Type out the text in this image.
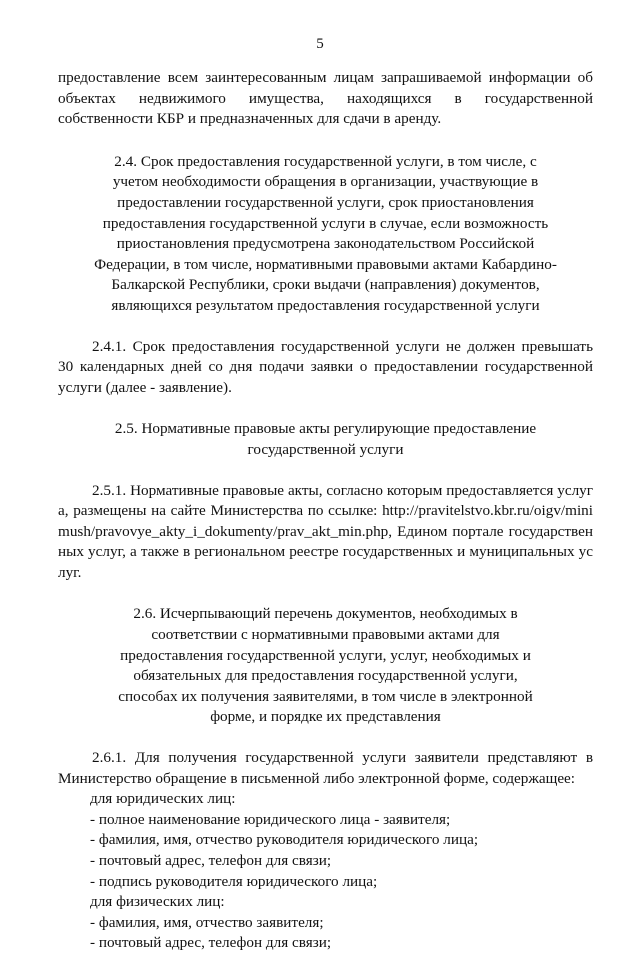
5

предоставление всем заинтересованным лицам запрашиваемой информации об объектах недвижимого имущества, находящихся в государственной собственности КБР и предназначенных для сдачи в аренду.

2.4. Срок предоставления государственной услуги, в том числе, с учетом необходимости обращения в организации, участвующие в предоставлении государственной услуги, срок приостановления предоставления государственной услуги в случае, если возможность приостановления предусмотрена законодательством Российской Федерации, в том числе, нормативными правовыми актами Кабардино-Балкарской Республики, сроки выдачи (направления) документов, являющихся результатом предоставления государственной услуги

2.4.1. Срок предоставления государственной услуги не должен превышать 30 календарных дней со дня подачи заявки о предоставлении государственной услуги (далее - заявление).

2.5. Нормативные правовые акты регулирующие предоставление государственной услуги

2.5.1. Нормативные правовые акты, согласно которым предоставляется услуга, размещены на сайте Министерства по ссылке: http://pravitelstvo.kbr.ru/oigv/minimush/pravovye_akty_i_dokumenty/prav_akt_min.php, Едином портале государственных услуг, а также в региональном реестре государственных и муниципальных услуг.

2.6. Исчерпывающий перечень документов, необходимых в соответствии с нормативными правовыми актами для предоставления государственной услуги, услуг, необходимых и обязательных для предоставления государственной услуги, способах их получения заявителями, в том числе в электронной форме, и порядке их представления

2.6.1. Для получения государственной услуги заявители представляют в Министерство обращение в письменной либо электронной форме, содержащее:

для юридических лиц:

- полное наименование юридического лица - заявителя;

- фамилия, имя, отчество руководителя юридического лица;

- почтовый адрес, телефон для связи;

- подпись руководителя юридического лица;

для физических лиц:

- фамилия, имя, отчество заявителя;

- почтовый адрес, телефон для связи;
